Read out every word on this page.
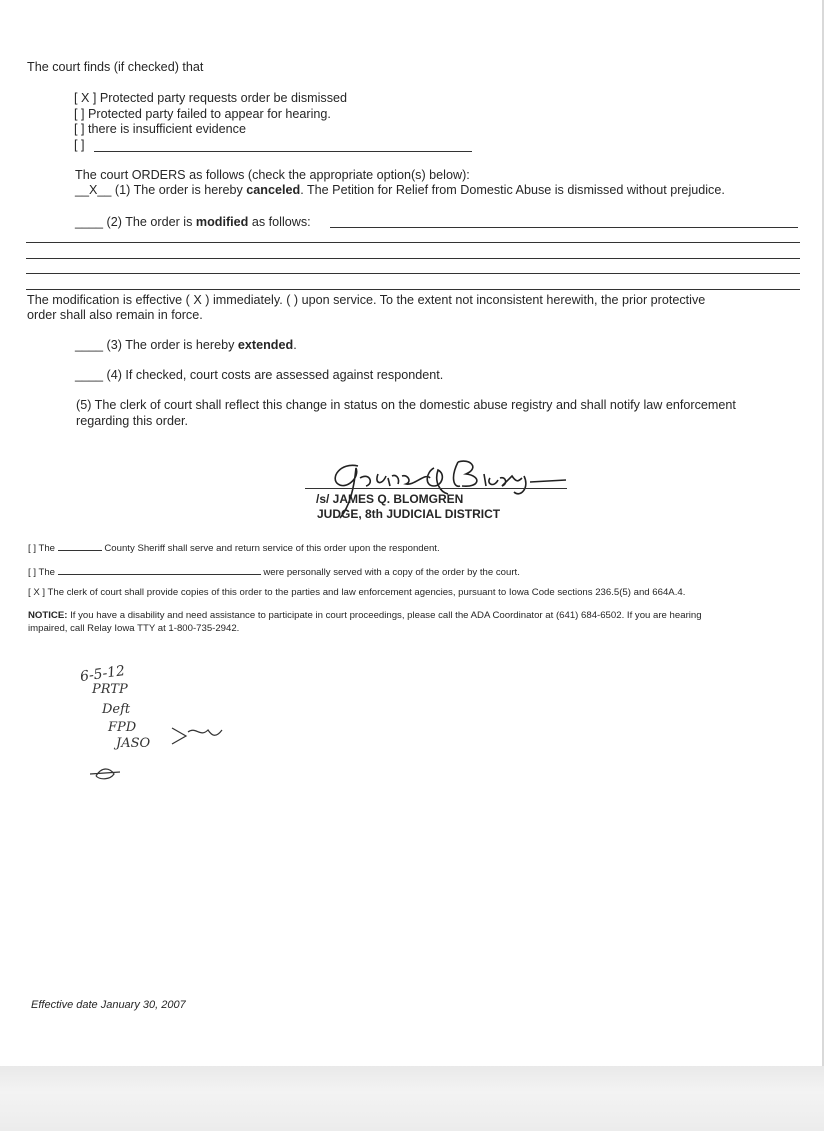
The court finds (if checked) that
[ X ] Protected party requests order be dismissed
[ ] Protected party failed to appear for hearing.
[ ] there is insufficient evidence
[ ]
The court ORDERS as follows (check the appropriate option(s) below):
__X__ (1) The order is hereby canceled. The Petition for Relief from Domestic Abuse is dismissed without prejudice.
____ (2) The order is modified as follows:
The modification is effective ( X ) immediately. ( ) upon service. To the extent not inconsistent herewith, the prior protective
order shall also remain in force.
____ (3) The order is hereby extended.
____ (4) If checked, court costs are assessed against respondent.
(5) The clerk of court shall reflect this change in status on the domestic abuse registry and shall notify law enforcement
regarding this order.
/s/ JAMES Q. BLOMGREN
JUDGE, 8th JUDICIAL DISTRICT
[ ] The	County Sheriff shall serve and return service of this order upon the respondent.
[ ] The	were personally served with a copy of the order by the court.
[ X ] The clerk of court shall provide copies of this order to the parties and law enforcement agencies, pursuant to Iowa Code sections 236.5(5) and 664A.4.
NOTICE: If you have a disability and need assistance to participate in court proceedings, please call the ADA Coordinator at (641) 684-6502. If you are hearing
impaired, call Relay Iowa TTY at 1-800-735-2942.
6-5-12
PRTP
Deft
FPD
JASO
Effective date January 30, 2007
